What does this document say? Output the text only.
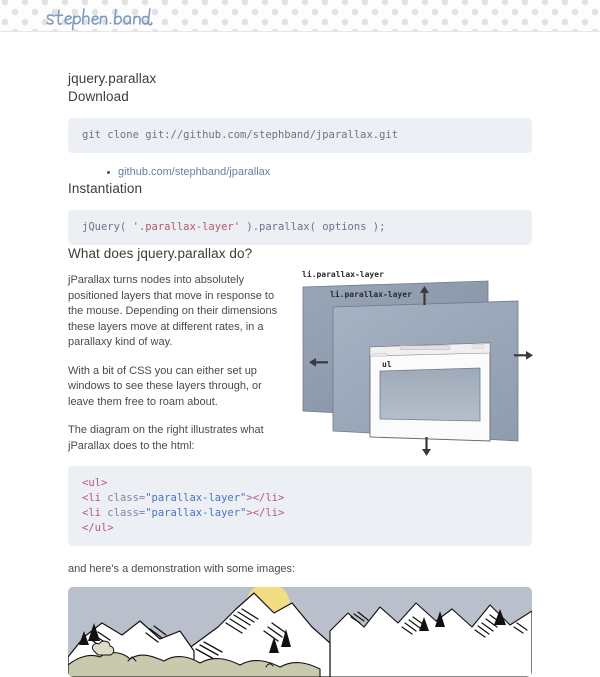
jquery.parallax
Download
git clone git://github.com/stephband/jparallax.git
github.com/stephband/jparallax
Instantiation
jQuery( '.parallax-layer' ).parallax( options );
What does jquery.parallax do?

jParallax turns nodes into absolutely positioned layers that move in response to the mouse. Depending on their dimensions these layers move at different rates, in a parallaxy kind of way.

With a bit of CSS you can either set up windows to see these layers through, or leave them free to roam about.

The diagram on the right illustrates what jParallax does to the html:

li.parallax-layer
li.parallax-layer
ul
<ul>
<li class="parallax-layer"></li>
<li class="parallax-layer"></li>
</ul>

and here's a demonstration with some images:
